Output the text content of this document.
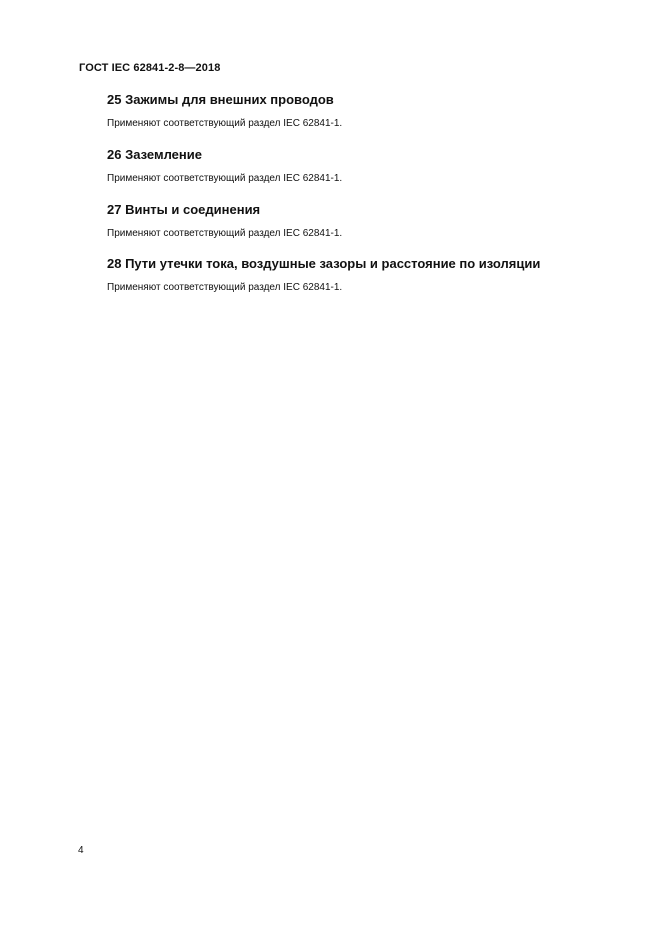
ГОСТ IEC 62841-2-8—2018
25 Зажимы для внешних проводов

Применяют соответствующий раздел IEC 62841-1.

26 Заземление

Применяют соответствующий раздел IEC 62841-1.

27 Винты и соединения

Применяют соответствующий раздел IEC 62841-1.

28 Пути утечки тока, воздушные зазоры и расстояние по изоляции

Применяют соответствующий раздел IEC 62841-1.

4
